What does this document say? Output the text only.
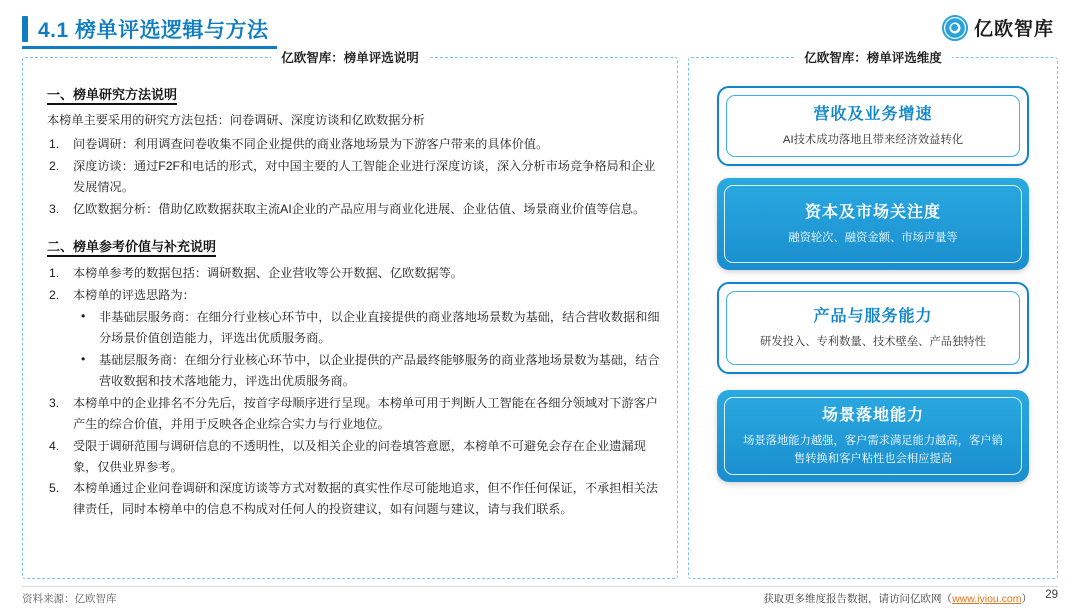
4.1 榜单评选逻辑与方法	亿欧智库
亿欧智库：榜单评选说明
一、榜单研究方法说明
本榜单主要采用的研究方法包括：问卷调研、深度访谈和亿欧数据分析
1.	问卷调研：利用调查问卷收集不同企业提供的商业落地场景为下游客户带来的具体价值。
2.	深度访谈：通过F2F和电话的形式，对中国主要的人工智能企业进行深度访谈，深入分析市场竞争格局和企业发展情况。
3.	亿欧数据分析：借助亿欧数据获取主流AI企业的产品应用与商业化进展、企业估值、场景商业价值等信息。
二、榜单参考价值与补充说明
1.	本榜单参考的数据包括：调研数据、企业营收等公开数据、亿欧数据等。
2.	本榜单的评选思路为：
• 非基础层服务商：在细分行业核心环节中，以企业直接提供的商业落地场景数为基础，结合营收数据和细分场景价值创造能力，评选出优质服务商。
• 基础层服务商：在细分行业核心环节中，以企业提供的产品最终能够服务的商业落地场景数为基础，结合营收数据和技术落地能力，评选出优质服务商。
3.	本榜单中的企业排名不分先后，按首字母顺序进行呈现。本榜单可用于判断人工智能在各细分领域对下游客户产生的综合价值，并用于反映各企业综合实力与行业地位。
4.	受限于调研范围与调研信息的不透明性，以及相关企业的问卷填答意愿，本榜单不可避免会存在企业遗漏现象，仅供业界参考。
5.	本榜单通过企业问卷调研和深度访谈等方式对数据的真实性作尽可能地追求，但不作任何保证，不承担相关法律责任，同时本榜单中的信息不构成对任何人的投资建议，如有问题与建议，请与我们联系。
亿欧智库：榜单评选维度
营收及业务增速
AI技术成功落地且带来经济效益转化
资本及市场关注度
融资轮次、融资金额、市场声量等
产品与服务能力
研发投入、专利数量、技术壁垒、产品独特性
场景落地能力
场景落地能力越强，客户需求满足能力越高，客户销售转换和客户粘性也会相应提高
资料来源：亿欧智库	获取更多维度报告数据，请访问亿欧网（www.iyiou.com） 29
